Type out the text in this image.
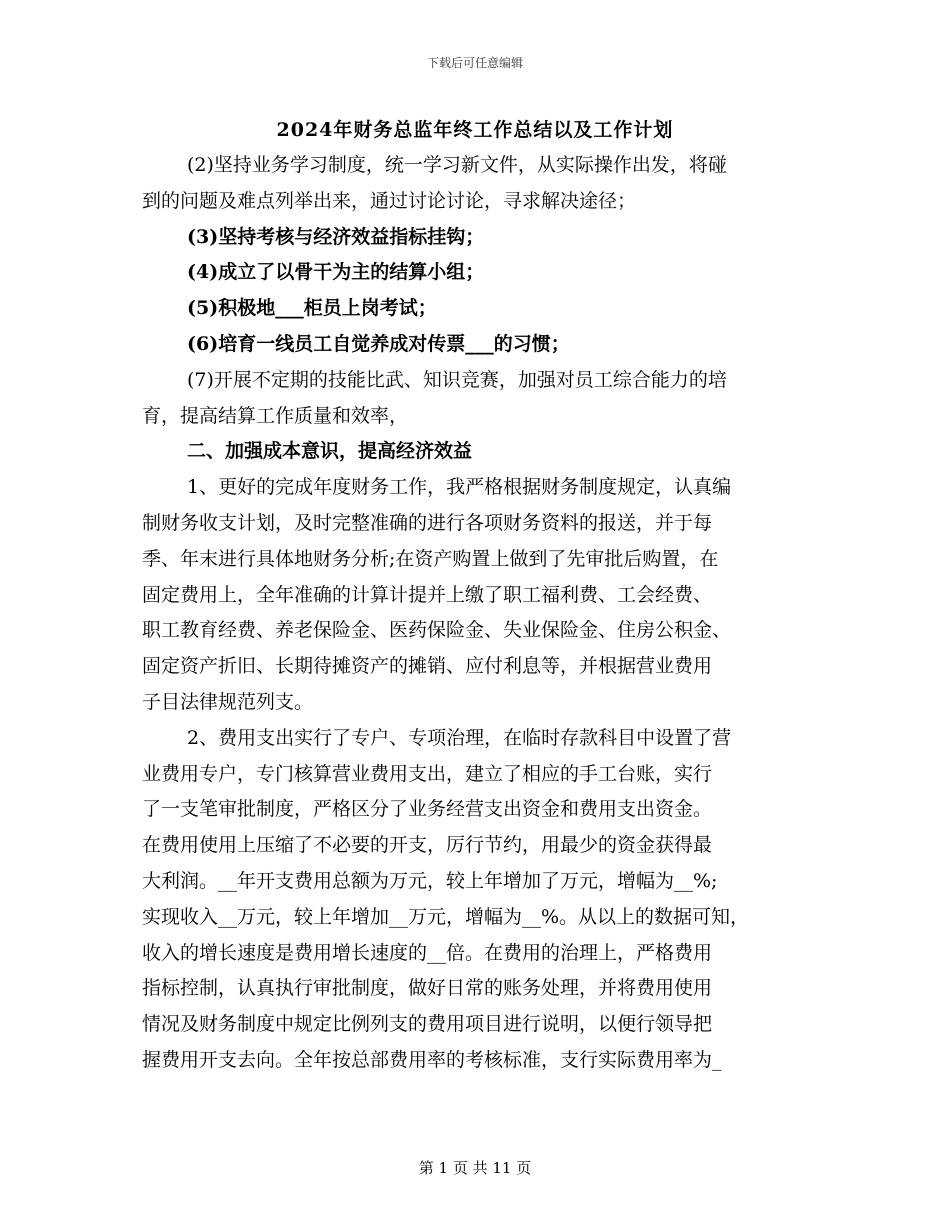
下载后可任意编辑
2024年财务总监年终工作总结以及工作计划
(2)坚持业务学习制度，统一学习新文件，从实际操作出发，将碰
到的问题及难点列举出来，通过讨论讨论，寻求解决途径；
(3)坚持考核与经济效益指标挂钩；
(4)成立了以骨干为主的结算小组；
(5)积极地___柜员上岗考试；
(6)培育一线员工自觉养成对传票___的习惯；
(7)开展不定期的技能比武、知识竞赛，加强对员工综合能力的培
育，提高结算工作质量和效率，
二、加强成本意识，提高经济效益
1、更好的完成年度财务工作，我严格根据财务制度规定，认真编
制财务收支计划，及时完整准确的进行各项财务资料的报送，并于每
季、年末进行具体地财务分析;在资产购置上做到了先审批后购置，在
固定费用上，全年准确的计算计提并上缴了职工福利费、工会经费、
职工教育经费、养老保险金、医药保险金、失业保险金、住房公积金、
固定资产折旧、长期待摊资产的摊销、应付利息等，并根据营业费用
子目法律规范列支。
2、费用支出实行了专户、专项治理，在临时存款科目中设置了营
业费用专户，专门核算营业费用支出，建立了相应的手工台账，实行
了一支笔审批制度，严格区分了业务经营支出资金和费用支出资金。
在费用使用上压缩了不必要的开支，厉行节约，用最少的资金获得最
大利润。__年开支费用总额为万元，较上年增加了万元，增幅为__%;
实现收入__万元，较上年增加__万元，增幅为__%。从以上的数据可知，
收入的增长速度是费用增长速度的__倍。在费用的治理上，严格费用
指标控制，认真执行审批制度，做好日常的账务处理，并将费用使用
情况及财务制度中规定比例列支的费用项目进行说明，以便行领导把
握费用开支去向。全年按总部费用率的考核标准，支行实际费用率为_
第 1 页 共 11 页
